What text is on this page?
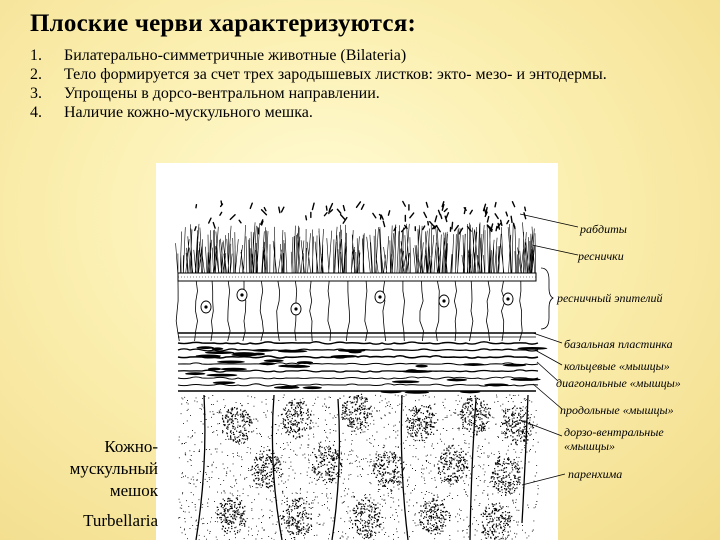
Плоские черви характеризуются:
1.	Билатерально-симметричные животные (Bilateria)
2.	Тело формируется за счет трех зародышевых листков: экто- мезо- и энтодермы.
3.	Упрощены в дорсо-вентральном направлении.
4.	Наличие кожно-мускульного мешка.
рабдиты
реснички
ресничный эпителий
базальная пластинка
кольцевые «мышцы»
диагональные «мышцы»
продольные «мышцы»
дорзо-вентральные
«мышцы»
паренхима
Кожно-
мускульный
мешок
Turbellaria
